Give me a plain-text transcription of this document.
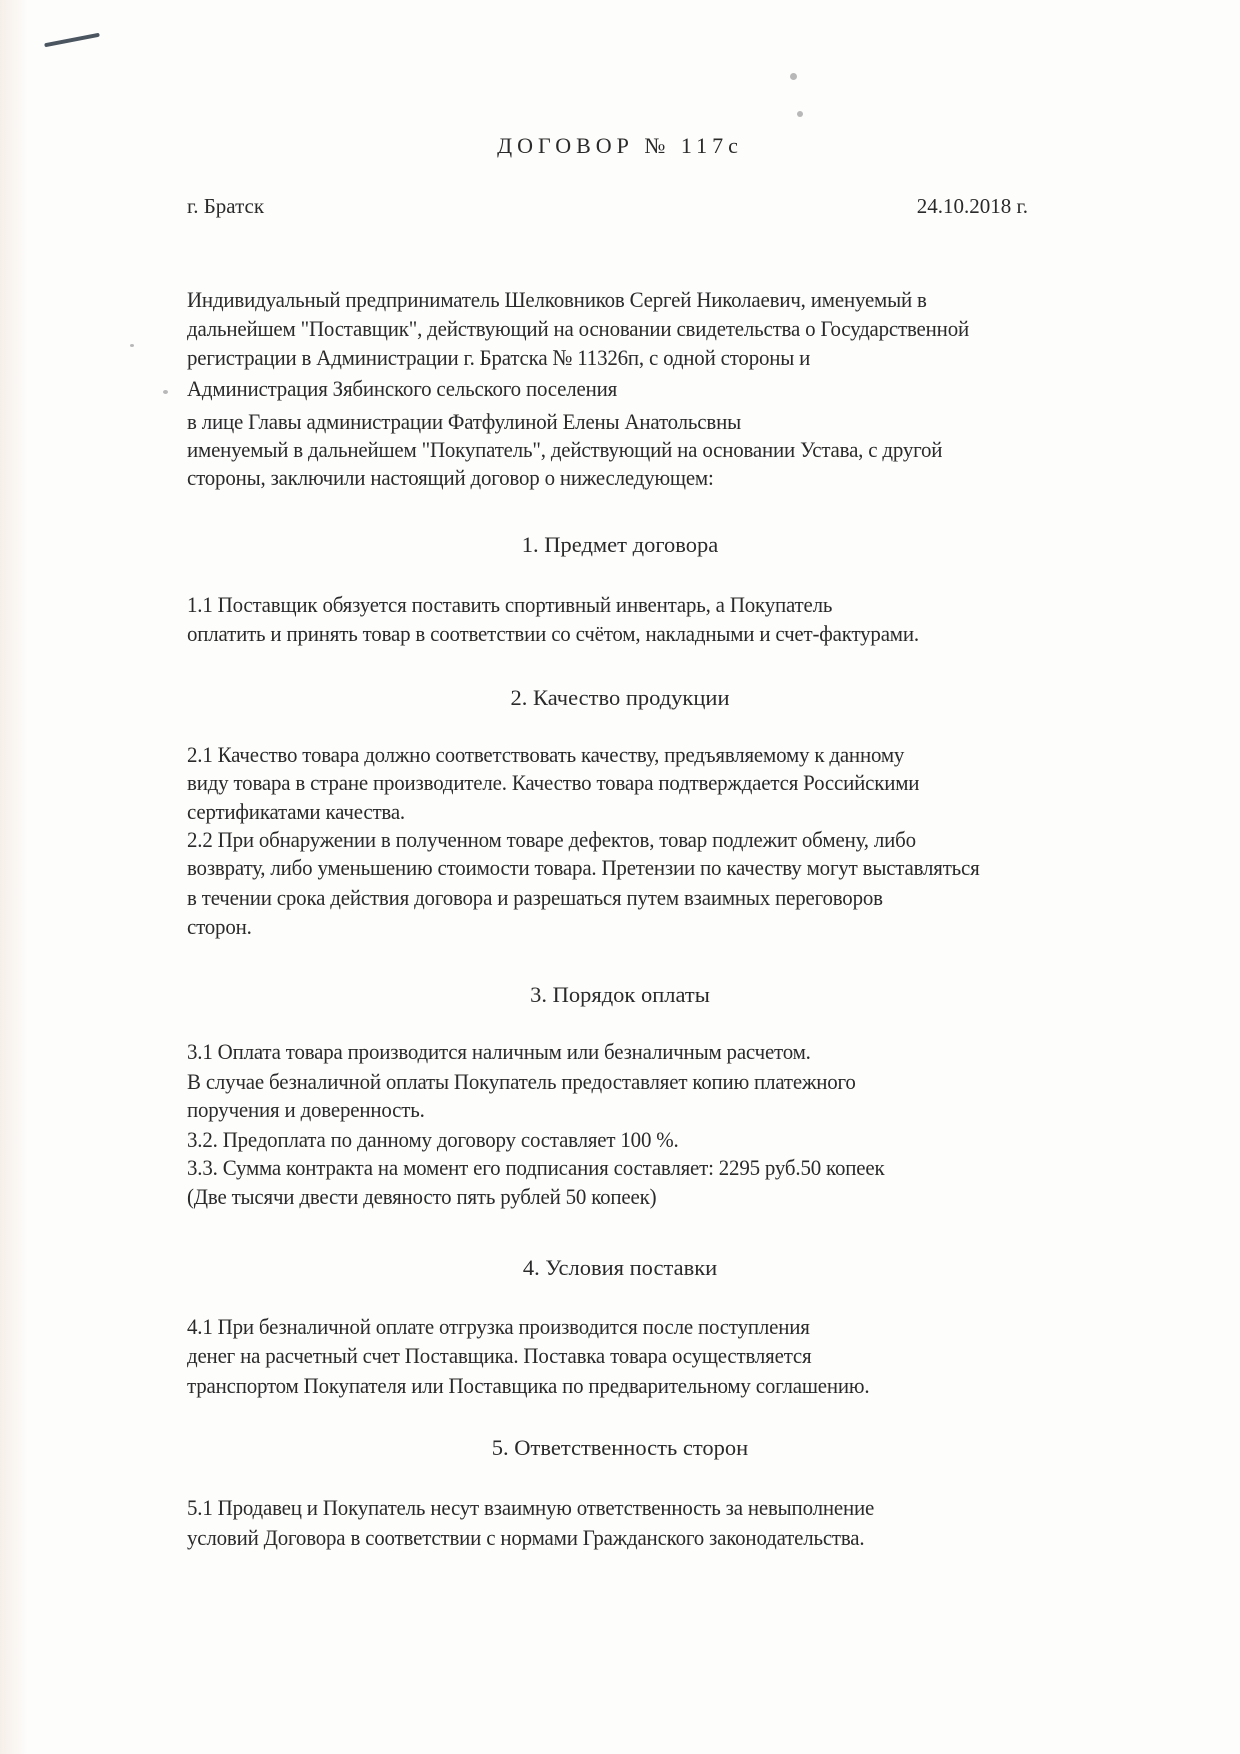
ДОГОВОР № 117с
г. Братск	24.10.2018 г.
Индивидуальный предприниматель Шелковников Сергей Николаевич, именуемый в
дальнейшем "Поставщик", действующий на основании свидетельства о Государственной
регистрации в Администрации г. Братска № 11326п, с одной стороны и
Администрация Зябинского сельского поселения
в лице Главы администрации Фатфулиной Елены Анатольсвны
именуемый в дальнейшем "Покупатель", действующий на основании Устава, с другой
стороны, заключили настоящий договор о нижеследующем:
1. Предмет договора
1.1 Поставщик обязуется поставить спортивный инвентарь, а Покупатель
оплатить и принять товар в соответствии со счётом, накладными и счет-фактурами.
2. Качество продукции
2.1 Качество товара должно соответствовать качеству, предъявляемому к данному
виду товара в стране производителе. Качество товара подтверждается Российскими
сертификатами качества.
2.2 При обнаружении в полученном товаре дефектов, товар подлежит обмену, либо
возврату, либо уменьшению стоимости товара. Претензии по качеству могут выставляться
в течении срока действия договора и разрешаться путем взаимных переговоров
сторон.
3. Порядок оплаты
3.1 Оплата товара производится наличным или безналичным расчетом.
В случае безналичной оплаты Покупатель предоставляет копию платежного
поручения и доверенность.
3.2. Предоплата по данному договору составляет 100 %.
3.3. Сумма контракта на момент его подписания составляет: 2295 руб.50 копеек
(Две тысячи двести девяносто пять рублей 50 копеек)
4. Условия поставки
4.1 При безналичной оплате отгрузка производится после поступления
денег на расчетный счет Поставщика. Поставка товара осуществляется
транспортом Покупателя или Поставщика по предварительному соглашению.
5. Ответственность сторон
5.1 Продавец и Покупатель несут взаимную ответственность за невыполнение
условий Договора в соответствии с нормами Гражданского законодательства.
